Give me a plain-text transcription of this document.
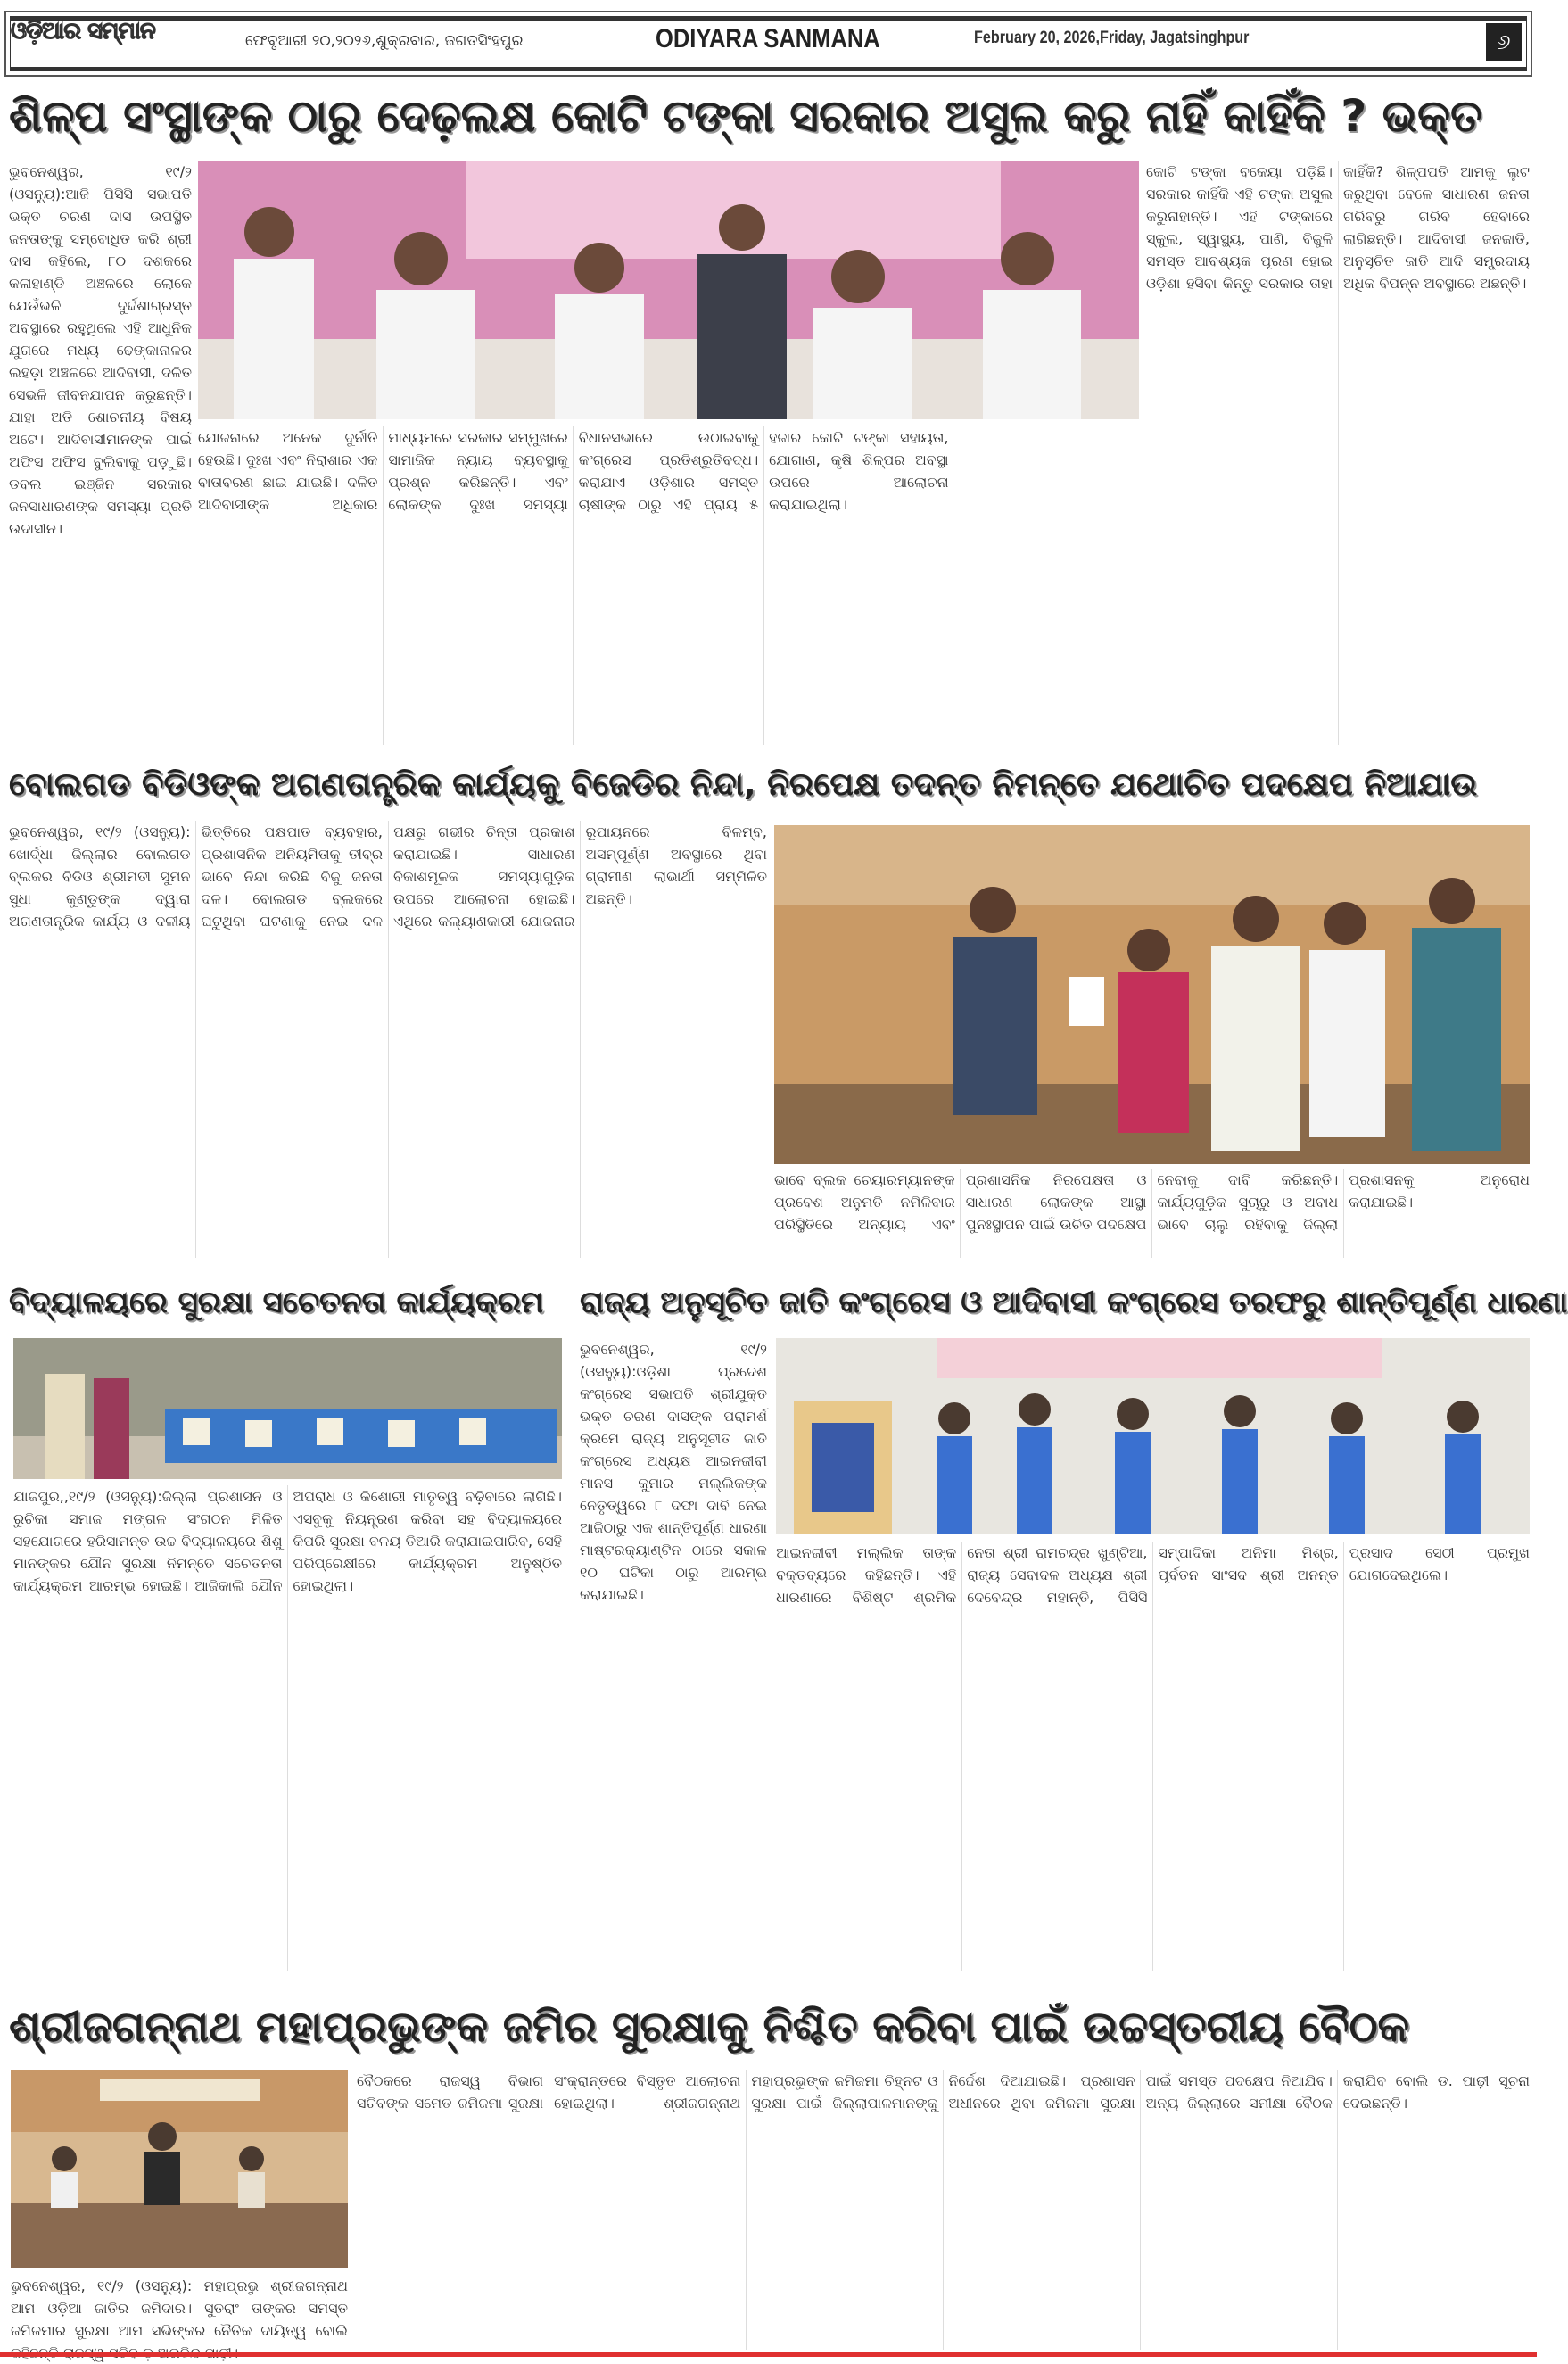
ଓଡ଼ିଆର ସମ୍ମାନ	ଫେବୃଆରୀ ୨୦,୨୦୨୬,ଶୁକ୍ରବାର, ଜଗତସିଂହପୁର	ODIYARA SANMANA	February 20, 2026,Friday, Jagatsinghpur	୬
ଶିଳ୍ପ ସଂସ୍ଥାଙ୍କ ଠାରୁ ଦେଢ଼ଲକ୍ଷ କୋଟି ଟଙ୍କା ସରକାର ଅସୁଲ କରୁ ନାହିଁ କାହିଁକି ? ଭକ୍ତ
ଭୁବନେଶ୍ୱର, ୧୯/୨ (ଓସନ୍ୟୁ):ଆଜି ପିସିସି ସଭାପତି ଭକ୍ତ ଚରଣ ଦାସ ଉପସ୍ଥିତ ଜନତାଙ୍କୁ ସମ୍ବୋଧିତ କରି ଶ୍ରୀ ଦାସ କହିଲେ, ୮୦ ଦଶକରେ କଳାହାଣ୍ଡି ଅଞ୍ଚଳରେ ଲୋକେ ଯେଉଁଭଳି ଦୁର୍ଦ୍ଦଶାଗ୍ରସ୍ତ ଅବସ୍ଥାରେ ରହୁଥିଲେ ଏହି ଆଧୁନିକ ଯୁଗରେ ମଧ୍ୟ ଢେଙ୍କାନାଳର ଲହଡ଼ା ଅଞ୍ଚଳରେ ଆଦିବାସୀ, ଦଳିତ ସେଭଳି ଜୀବନଯାପନ କରୁଛନ୍ତି। ଯାହା ଅତି ଶୋଚନୀୟ ବିଷୟ ଅଟେ। ଆଦିବାସୀମାନଙ୍କ ପାଇଁ ଅଫିସ ଅଫିସ ବୁଲିବାକୁ ପଡ଼ୁଛି। ଡବଲ ଇଞ୍ଜିନ ସରକାର ଜନସାଧାରଣଙ୍କ ସମସ୍ୟା ପ୍ରତି ଉଦାସୀନ।
ଯୋଜନାରେ ଅନେକ ଦୁର୍ନୀତି ହେଉଛି। ଦୁଃଖ ଏବଂ ନିରାଶାର ଏକ ବାତାବରଣ ଛାଇ ଯାଇଛି। ଦଳିତ ଆଦିବାସୀଙ୍କ ଅଧିକାର ମାଧ୍ୟମରେ ସରକାର ସମ୍ମୁଖରେ ସାମାଜିକ ନ୍ୟାୟ ବ୍ୟବସ୍ଥାକୁ ପ୍ରଶ୍ନ କରିଛନ୍ତି। ଏବଂ ଲୋକଙ୍କ ଦୁଃଖ ସମସ୍ୟା ବିଧାନସଭାରେ ଉଠାଇବାକୁ କଂଗ୍ରେସ ପ୍ରତିଶ୍ରୁତିବଦ୍ଧ। କରାଯାଏ ଓଡ଼ିଶାର ସମସ୍ତ ଚାଷୀଙ୍କ ଠାରୁ ଏହି ପ୍ରାୟ ୫ ହଜାର କୋଟି ଟଙ୍କା ସହାୟତା, ଯୋଗାଣ, କୃଷି ଶିଳ୍ପର ଅବସ୍ଥା ଉପରେ ଆଲୋଚନା କରାଯାଇଥିଲା।
କୋଟି ଟଙ୍କା ବକେୟା ପଡ଼ିଛି। ସରକାର କାହିଁକି ଏହି ଟଙ୍କା ଅସୁଲ କରୁନାହାନ୍ତି। ଏହି ଟଙ୍କାରେ ସ୍କୁଲ, ସ୍ୱାସ୍ଥ୍ୟ, ପାଣି, ବିଜୁଳି ସମସ୍ତ ଆବଶ୍ୟକ ପୂରଣ ହୋଇ ଓଡ଼ିଶା ହସିବା କିନ୍ତୁ ସରକାର ତାହା କାହିଁକି? ଶିଳ୍ପପତି ଆମକୁ ଲୁଟ କରୁଥିବା ବେଳେ ସାଧାରଣ ଜନତା ଗରିବରୁ ଗରିବ ହେବାରେ ଲାଗିଛନ୍ତି। ଆଦିବାସୀ ଜନଜାତି, ଅନୁସୂଚିତ ଜାତି ଆଦି ସମ୍ପ୍ରଦାୟ ଅଧିକ ବିପନ୍ନ ଅବସ୍ଥାରେ ଅଛନ୍ତି।
ବୋଲଗଡ ବିଡିଓଙ୍କ ଅଗଣତାନ୍ତ୍ରିକ କାର୍ଯ୍ୟକୁ ବିଜେଡିର ନିନ୍ଦା, ନିରପେକ୍ଷ ତଦନ୍ତ ନିମନ୍ତେ ଯଥୋଚିତ ପଦକ୍ଷେପ ନିଆଯାଉ
ଭୁବନେଶ୍ୱର, ୧୯/୨ (ଓସନ୍ୟୁ): ଖୋର୍ଦ୍ଧା ଜିଲ୍ଲାର ବୋଲଗଡ ବ୍ଲକର ବିଡିଓ ଶ୍ରୀମତୀ ସୁମନ ସୁଧା କୁଣ୍ଡୁଙ୍କ ଦ୍ୱାରା ଅଗଣତାନ୍ତ୍ରିକ କାର୍ଯ୍ୟ ଓ ଦଳୀୟ ଭିତ୍ତିରେ ପକ୍ଷପାତ ବ୍ୟବହାର, ପ୍ରଶାସନିକ ଅନିୟମିତାକୁ ତୀବ୍ର ଭାବେ ନିନ୍ଦା କରିଛି ବିଜୁ ଜନତା ଦଳ। ବୋଲଗଡ ବ୍ଲକରେ ଘଟୁଥିବା ଘଟଣାକୁ ନେଇ ଦଳ ପକ୍ଷରୁ ଗଭୀର ଚିନ୍ତା ପ୍ରକାଶ କରାଯାଇଛି। ସାଧାରଣ ବିକାଶମୂଳକ ସମସ୍ୟାଗୁଡ଼ିକ ଉପରେ ଆଲୋଚନା ହୋଇଛି। ଏଥିରେ କଲ୍ୟାଣକାରୀ ଯୋଜନାର ରୂପାୟନରେ ବିଳମ୍ବ, ଅସମ୍ପୂର୍ଣ୍ଣ ଅବସ୍ଥାରେ ଥିବା ଗ୍ରାମୀଣ ଲାଭାର୍ଥୀ ସମ୍ମିଳିତ ଅଛନ୍ତି।
ଭାବେ ବ୍ଲକ ଚେୟାରମ୍ୟାନଙ୍କ ପ୍ରବେଶ ଅନୁମତି ନମିଳିବାର ପରିସ୍ଥିତିରେ ଅନ୍ୟାୟ ଏବଂ ପ୍ରଶାସନିକ ନିରପେକ୍ଷତା ଓ ସାଧାରଣ ଲୋକଙ୍କ ଆସ୍ଥା ପୁନଃସ୍ଥାପନ ପାଇଁ ଉଚିତ ପଦକ୍ଷେପ ନେବାକୁ ଦାବି କରିଛନ୍ତି। କାର୍ଯ୍ୟଗୁଡ଼ିକ ସୁଚାରୁ ଓ ଅବାଧ ଭାବେ ଚାଲୁ ରହିବାକୁ ଜିଲ୍ଲା ପ୍ରଶାସନକୁ ଅନୁରୋଧ କରାଯାଇଛି।
ବିଦ୍ୟାଳୟରେ ସୁରକ୍ଷା ସଚେତନତା କାର୍ଯ୍ୟକ୍ରମ
ଯାଜପୁର,,୧୯/୨ (ଓସନ୍ୟୁ):ଜିଲ୍ଲା ପ୍ରଶାସନ ଓ ରୁଚିକା ସମାଜ ମଙ୍ଗଳ ସଂଗଠନ ମିଳିତ ସହଯୋଗରେ ହରିସାମନ୍ତ ଉଚ୍ଚ ବିଦ୍ୟାଳୟରେ ଶିଶୁ ମାନଙ୍କର ଯୌନ ସୁରକ୍ଷା ନିମନ୍ତେ ସଚେତନତା କାର୍ଯ୍ୟକ୍ରମ ଆରମ୍ଭ ହୋଇଛି। ଆଜିକାଲି ଯୌନ ଅପରାଧ ଓ କିଶୋରୀ ମାତୃତ୍ୱ ବଢ଼ିବାରେ ଲାଗିଛି। ଏସବୁକୁ ନିୟନ୍ତ୍ରଣ କରିବା ସହ ବିଦ୍ୟାଳୟରେ କିପରି ସୁରକ୍ଷା ବଳୟ ତିଆରି କରାଯାଇପାରିବ, ସେହି ପରିପ୍ରେକ୍ଷୀରେ କାର୍ଯ୍ୟକ୍ରମ ଅନୁଷ୍ଠିତ ହୋଇଥିଲା।
ରାଜ୍ୟ ଅନୁସୂଚିତ ଜାତି କଂଗ୍ରେସ ଓ ଆଦିବାସୀ କଂଗ୍ରେସ ତରଫରୁ ଶାନ୍ତିପୂର୍ଣ୍ଣ ଧାରଣା
ଭୁବନେଶ୍ୱର, ୧୯/୨ (ଓସନ୍ୟୁ):ଓଡ଼ିଶା ପ୍ରଦେଶ କଂଗ୍ରେସ ସଭାପତି ଶ୍ରୀଯୁକ୍ତ ଭକ୍ତ ଚରଣ ଦାସଙ୍କ ପରାମର୍ଶ କ୍ରମେ ରାଜ୍ୟ ଅନୁସୂଚୀତ ଜାତି କଂଗ୍ରେସ ଅଧ୍ୟକ୍ଷ ଆଇନଜୀବୀ ମାନସ କୁମାର ମଲ୍ଲିକଙ୍କ ନେତୃତ୍ୱରେ ୮ ଦଫା ଦାବି ନେଇ ଆଜିଠାରୁ ଏକ ଶାନ୍ତିପୂର୍ଣ୍ଣ ଧାରଣା ମାଷ୍ଟରକ୍ୟାଣ୍ଟିନ ଠାରେ ସକାଳ ୧୦ ଘଟିକା ଠାରୁ ଆରମ୍ଭ କରାଯାଇଛି।
ଆଇନଜୀବୀ ମଲ୍ଲିକ ତାଙ୍କ ବକ୍ତବ୍ୟରେ କହିଛନ୍ତି। ଏହି ଧାରଣାରେ ବିଶିଷ୍ଟ ଶ୍ରମିକ ନେତା ଶ୍ରୀ ରାମଚନ୍ଦ୍ର ଖୁଣ୍ଟିଆ, ରାଜ୍ୟ ସେବାଦଳ ଅଧ୍ୟକ୍ଷ ଶ୍ରୀ ଦେବେନ୍ଦ୍ର ମହାନ୍ତି, ପିସିସି ସମ୍ପାଦିକା ଅନିମା ମିଶ୍ର, ପୂର୍ବତନ ସାଂସଦ ଶ୍ରୀ ଅନନ୍ତ ପ୍ରସାଦ ସେଠୀ ପ୍ରମୁଖ ଯୋଗଦେଇଥିଲେ।
ଶ୍ରୀଜଗନ୍ନାଥ ମହାପ୍ରଭୁଙ୍କ ଜମିର ସୁରକ୍ଷାକୁ ନିଶ୍ଚିତ କରିବା ପାଇଁ ଉଚ୍ଚସ୍ତରୀୟ ବୈଠକ
ଭୁବନେଶ୍ୱର, ୧୯/୨ (ଓସନ୍ୟୁ): ମହାପ୍ରଭୁ ଶ୍ରୀଜଗନ୍ନାଥ ଆମ ଓଡ଼ିଆ ଜାତିର ଜମିଦାର। ସୁତରାଂ ତାଙ୍କର ସମସ୍ତ ଜମିଜମାର ସୁରକ୍ଷା ଆମ ସଭିଙ୍କର ନୈତିକ ଦାୟିତ୍ୱ ବୋଲି
ବୈଠକରେ ରାଜସ୍ୱ ବିଭାଗ ସଚିବଙ୍କ ସମେତ ଜମିଜମା ସୁରକ୍ଷା ସଂକ୍ରାନ୍ତରେ ବିସ୍ତୃତ ଆଲୋଚନା ହୋଇଥିଲା। ଶ୍ରୀଜଗନ୍ନାଥ ମହାପ୍ରଭୁଙ୍କ ଜମିଜମା ଚିହ୍ନଟ ଓ ସୁରକ୍ଷା ପାଇଁ ଜିଲ୍ଲାପାଳମାନଙ୍କୁ ନିର୍ଦ୍ଦେଶ ଦିଆଯାଇଛି। ପ୍ରଶାସନ ଅଧୀନରେ ଥିବା ଜମିଜମା ସୁରକ୍ଷା ପାଇଁ ସମସ୍ତ ପଦକ୍ଷେପ ନିଆଯିବ। ଅନ୍ୟ ଜିଲ୍ଲାରେ ସମୀକ୍ଷା ବୈଠକ କରାଯିବ ବୋଲି ଡ. ପାଢ଼ୀ ସୂଚନା ଦେଇଛନ୍ତି।
